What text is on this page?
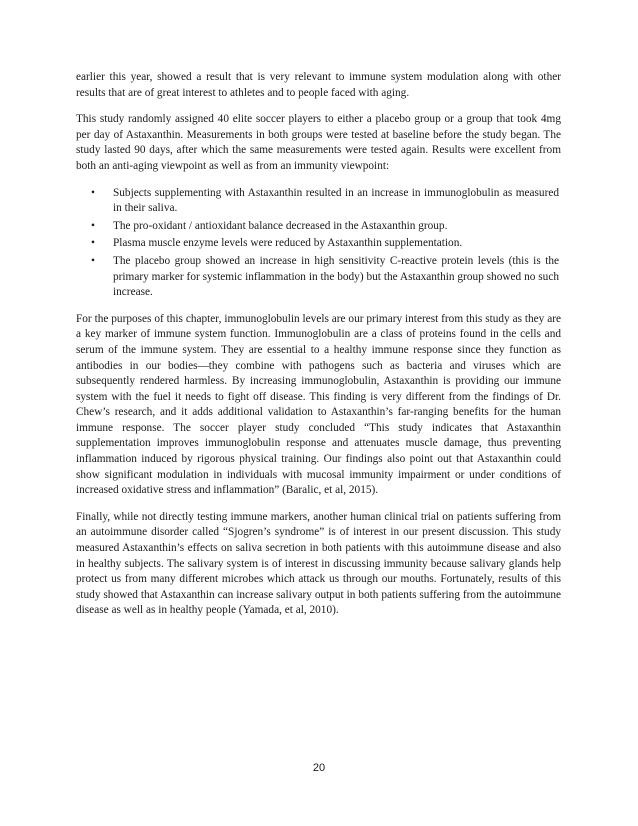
earlier this year, showed a result that is very relevant to immune system modulation along with other results that are of great interest to athletes and to people faced with aging.

This study randomly assigned 40 elite soccer players to either a placebo group or a group that took 4mg per day of Astaxanthin. Measurements in both groups were tested at baseline before the study began. The study lasted 90 days, after which the same measurements were tested again. Results were excellent from both an anti-aging viewpoint as well as from an immunity viewpoint:

• Subjects supplementing with Astaxanthin resulted in an increase in immunoglobulin as measured in their saliva.
• The pro-oxidant / antioxidant balance decreased in the Astaxanthin group.
• Plasma muscle enzyme levels were reduced by Astaxanthin supplementation.
• The placebo group showed an increase in high sensitivity C-reactive protein levels (this is the primary marker for systemic inflammation in the body) but the Astaxanthin group showed no such increase.

For the purposes of this chapter, immunoglobulin levels are our primary interest from this study as they are a key marker of immune system function. Immunoglobulin are a class of proteins found in the cells and serum of the immune system. They are essential to a healthy immune response since they function as antibodies in our bodies—they combine with pathogens such as bacteria and viruses which are subsequently rendered harmless. By increasing immunoglobulin, Astaxanthin is providing our immune system with the fuel it needs to fight off disease. This finding is very different from the findings of Dr. Chew’s research, and it adds additional validation to Astaxanthin’s far-ranging benefits for the human immune response. The soccer player study concluded “This study indicates that Astaxanthin supplementation improves immunoglobulin response and attenuates muscle damage, thus preventing inflammation induced by rigorous physical training. Our findings also point out that Astaxanthin could show significant modulation in individuals with mucosal immunity impairment or under conditions of increased oxidative stress and inflammation” (Baralic, et al, 2015).

Finally, while not directly testing immune markers, another human clinical trial on patients suffering from an autoimmune disorder called “Sjogren’s syndrome” is of interest in our present discussion. This study measured Astaxanthin’s effects on saliva secretion in both patients with this autoimmune disease and also in healthy subjects. The salivary system is of interest in discussing immunity because salivary glands help protect us from many different microbes which attack us through our mouths. Fortunately, results of this study showed that Astaxanthin can increase salivary output in both patients suffering from the autoimmune disease as well as in healthy people (Yamada, et al, 2010).

20
